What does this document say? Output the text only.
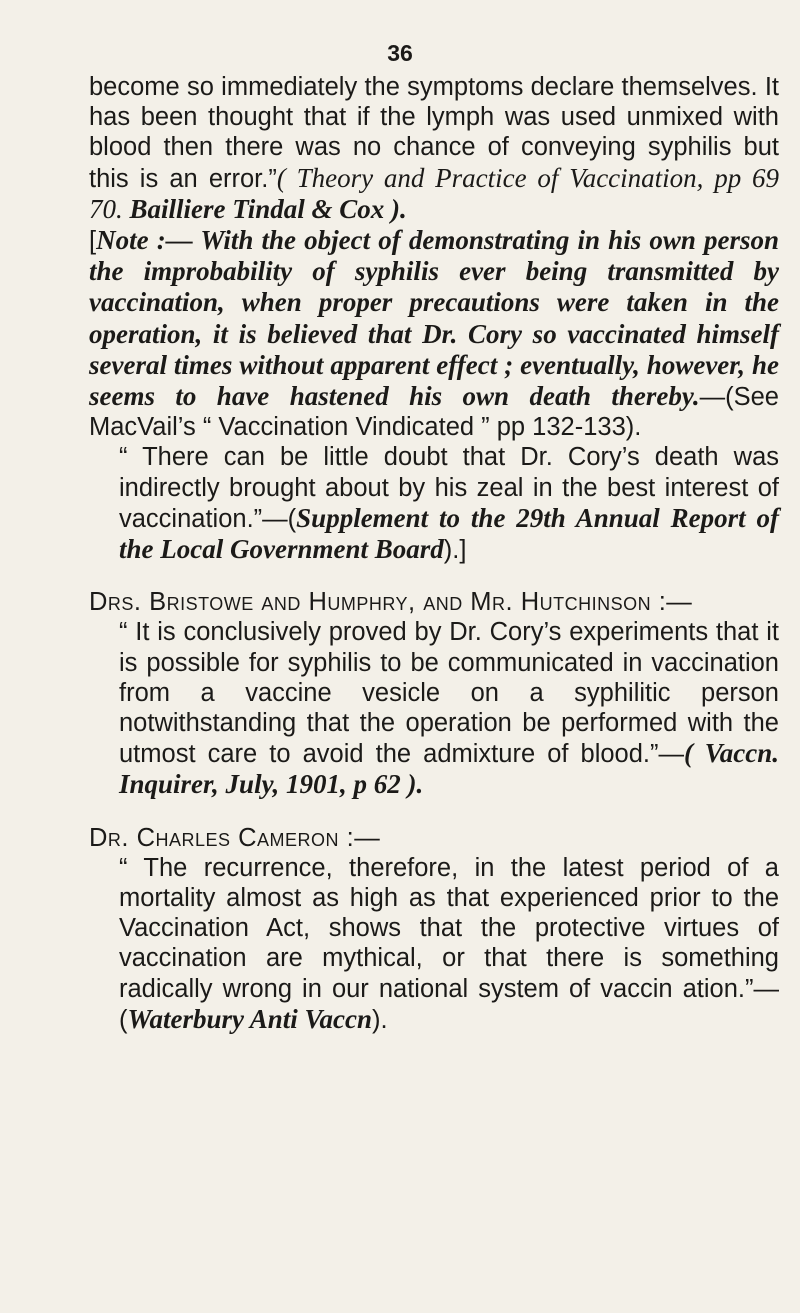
36

become so immediately the symptoms declare themselves. It has been thought that if the lymph was used unmixed with blood then there was no chance of conveying syphilis but this is an error.”( Theory and Practice of Vaccination, pp 69 70. Bailliere Tindal & Cox ).

[Note :— With the object of demonstrating in his own person the improbability of syphilis ever being transmitted by vaccination, when proper precautions were taken in the operation, it is believed that Dr. Cory so vaccinated himself several times without apparent effect ; eventually, however, he seems to have hastened his own death thereby.—(See MacVail’s “ Vaccination Vindicated ” pp 132-133).

“ There can be little doubt that Dr. Cory’s death was indirectly brought about by his zeal in the best interest of vaccination.”—(Supplement to the 29th Annual Report of the Local Government Board).]

Drs. Bristowe and Humphry, and Mr. Hutchinson :—

“ It is conclusively proved by Dr. Cory’s experiments that it is possible for syphilis to be communicated in vaccination from a vaccine vesicle on a syphilitic person notwithstanding that the operation be performed with the utmost care to avoid the admixture of blood.”—( Vaccn. Inquirer, July, 1901, p 62 ).

Dr. Charles Cameron :—

“ The recurrence, therefore, in the latest period of a mortality almost as high as that experienced prior to the Vaccination Act, shows that the protective virtues of vaccination are mythical, or that there is something radically wrong in our national system of vaccin ation.”—(Waterbury Anti Vaccn).
